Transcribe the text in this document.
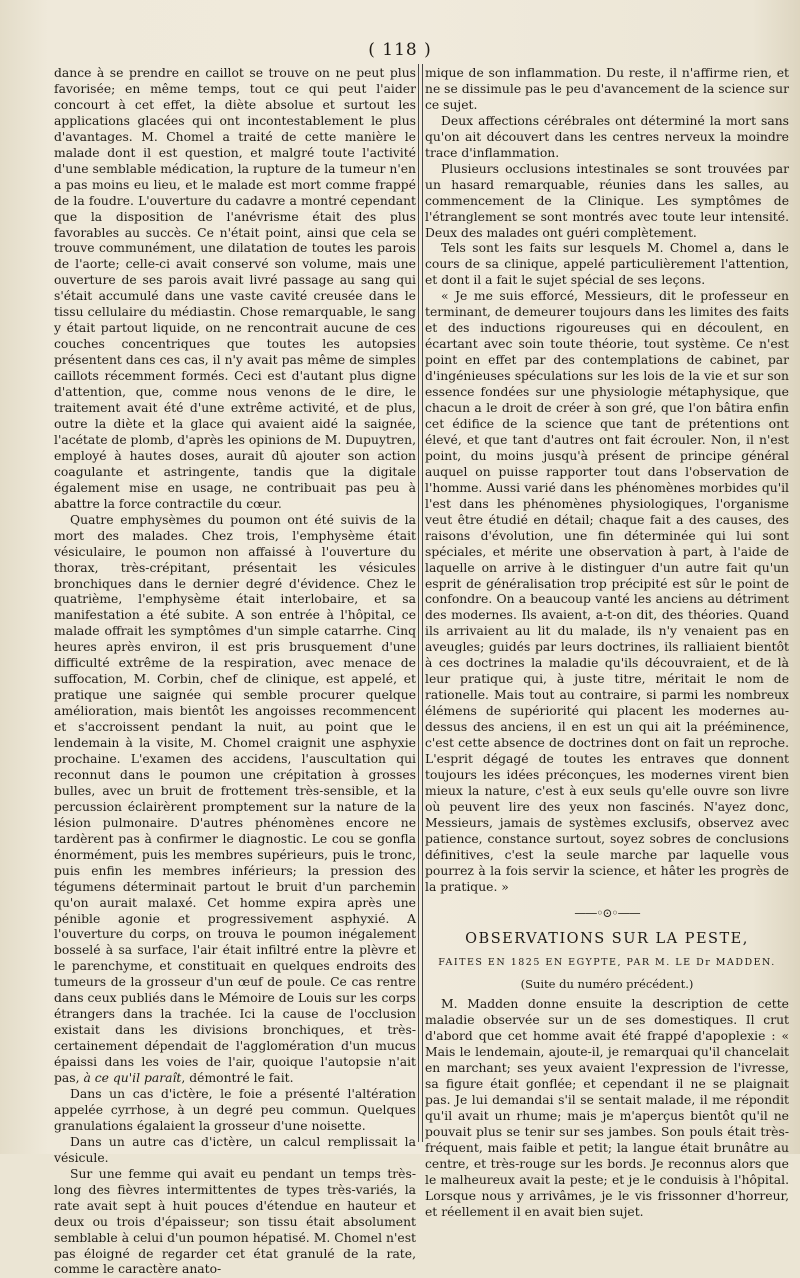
( 118 )

dance à se prendre en caillot se trouve on ne peut plus favorisée; en même temps, tout ce qui peut l'aider concourt à cet effet, la diète absolue et surtout les applications glacées qui ont incontestablement le plus d'avantages. M. Chomel a traité de cette manière le malade dont il est question, et malgré toute l'activité d'une semblable médication, la rupture de la tumeur n'en a pas moins eu lieu, et le malade est mort comme frappé de la foudre. L'ouverture du cadavre a montré cependant que la disposition de l'anévrisme était des plus favorables au succès. Ce n'était point, ainsi que cela se trouve communément, une dilatation de toutes les parois de l'aorte; celle-ci avait conservé son volume, mais une ouverture de ses parois avait livré passage au sang qui s'était accumulé dans une vaste cavité creusée dans le tissu cellulaire du médiastin. Chose remarquable, le sang y était partout liquide, on ne rencontrait aucune de ces couches concentriques que toutes les autopsies présentent dans ces cas, il n'y avait pas même de simples caillots récemment formés. Ceci est d'autant plus digne d'attention, que, comme nous venons de le dire, le traitement avait été d'une extrême activité, et de plus, outre la diète et la glace qui avaient aidé la saignée, l'acétate de plomb, d'après les opinions de M. Dupuytren, employé à hautes doses, aurait dû ajouter son action coagulante et astringente, tandis que la digitale également mise en usage, ne contribuait pas peu à abattre la force contractile du cœur.

Quatre emphysèmes du poumon ont été suivis de la mort des malades. Chez trois, l'emphysème était vésiculaire, le poumon non affaissé à l'ouverture du thorax, très-crépitant, présentait les vésicules bronchiques dans le dernier degré d'évidence. Chez le quatrième, l'emphysème était interlobaire, et sa manifestation a été subite. A son entrée à l'hôpital, ce malade offrait les symptômes d'un simple catarrhe. Cinq heures après environ, il est pris brusquement d'une difficulté extrême de la respiration, avec menace de suffocation, M. Corbin, chef de clinique, est appelé, et pratique une saignée qui semble procurer quelque amélioration, mais bientôt les angoisses recommencent et s'accroissent pendant la nuit, au point que le lendemain à la visite, M. Chomel craignit une asphyxie prochaine. L'examen des accidens, l'auscultation qui reconnut dans le poumon une crépitation à grosses bulles, avec un bruit de frottement très-sensible, et la percussion éclairèrent promptement sur la nature de la lésion pulmonaire. D'autres phénomènes encore ne tardèrent pas à confirmer le diagnostic. Le cou se gonfla énormément, puis les membres supérieurs, puis le tronc, puis enfin les membres inférieurs; la pression des tégumens déterminait partout le bruit d'un parchemin qu'on aurait malaxé. Cet homme expira après une pénible agonie et progressivement asphyxié. A l'ouverture du corps, on trouva le poumon inégalement bosselé à sa surface, l'air était infiltré entre la plèvre et le parenchyme, et constituait en quelques endroits des tumeurs de la grosseur d'un œuf de poule. Ce cas rentre dans ceux publiés dans le Mémoire de Louis sur les corps étrangers dans la trachée. Ici la cause de l'occlusion existait dans les divisions bronchiques, et très-certainement dépendait de l'agglomération d'un mucus épaissi dans les voies de l'air, quoique l'autopsie n'ait pas, à ce qu'il paraît, démontré le fait.

Dans un cas d'ictère, le foie a présenté l'altération appelée cyrrhose, à un degré peu commun. Quelques granulations égalaient la grosseur d'une noisette.

Dans un autre cas d'ictère, un calcul remplissait la vésicule.

Sur une femme qui avait eu pendant un temps très-long des fièvres intermittentes de types très-variés, la rate avait sept à huit pouces d'étendue en hauteur et deux ou trois d'épaisseur; son tissu était absolument semblable à celui d'un poumon hépatisé. M. Chomel n'est pas éloigné de regarder cet état granulé de la rate, comme le caractère anato-

mique de son inflammation. Du reste, il n'affirme rien, et ne se dissimule pas le peu d'avancement de la science sur ce sujet.

Deux affections cérébrales ont déterminé la mort sans qu'on ait découvert dans les centres nerveux la moindre trace d'inflammation.

Plusieurs occlusions intestinales se sont trouvées par un hasard remarquable, réunies dans les salles, au commencement de la Clinique. Les symptômes de l'étranglement se sont montrés avec toute leur intensité. Deux des malades ont guéri complètement.

Tels sont les faits sur lesquels M. Chomel a, dans le cours de sa clinique, appelé particulièrement l'attention, et dont il a fait le sujet spécial de ses leçons.

« Je me suis efforcé, Messieurs, dit le professeur en terminant, de demeurer toujours dans les limites des faits et des inductions rigoureuses qui en découlent, en écartant avec soin toute théorie, tout système. Ce n'est point en effet par des contemplations de cabinet, par d'ingénieuses spéculations sur les lois de la vie et sur son essence fondées sur une physiologie métaphysique, que chacun a le droit de créer à son gré, que l'on bâtira enfin cet édifice de la science que tant de prétentions ont élevé, et que tant d'autres ont fait écrouler. Non, il n'est point, du moins jusqu'à présent de principe général auquel on puisse rapporter tout dans l'observation de l'homme. Aussi varié dans les phénomènes morbides qu'il l'est dans les phénomènes physiologiques, l'organisme veut être étudié en détail; chaque fait a des causes, des raisons d'évolution, une fin déterminée qui lui sont spéciales, et mérite une observation à part, à l'aide de laquelle on arrive à le distinguer d'un autre fait qu'un esprit de généralisation trop précipité est sûr le point de confondre. On a beaucoup vanté les anciens au détriment des modernes. Ils avaient, a-t-on dit, des théories. Quand ils arrivaient au lit du malade, ils n'y venaient pas en aveugles; guidés par leurs doctrines, ils ralliaient bientôt à ces doctrines la maladie qu'ils découvraient, et de là leur pratique qui, à juste titre, méritait le nom de rationelle. Mais tout au contraire, si parmi les nombreux élémens de supériorité qui placent les modernes au-dessus des anciens, il en est un qui ait la prééminence, c'est cette absence de doctrines dont on fait un reproche. L'esprit dégagé de toutes les entraves que donnent toujours les idées préconçues, les modernes virent bien mieux la nature, c'est à eux seuls qu'elle ouvre son livre où peuvent lire des yeux non fascinés. N'ayez donc, Messieurs, jamais de systèmes exclusifs, observez avec patience, constance surtout, soyez sobres de conclusions définitives, c'est la seule marche par laquelle vous pourrez à la fois servir la science, et hâter les progrès de la pratique. »

——◦⊙◦——
OBSERVATIONS SUR LA PESTE,
FAITES EN 1825 EN EGYPTE, PAR M. LE Dr MADDEN.
(Suite du numéro précédent.)

M. Madden donne ensuite la description de cette maladie observée sur un de ses domestiques. Il crut d'abord que cet homme avait été frappé d'apoplexie : « Mais le lendemain, ajoute-il, je remarquai qu'il chancelait en marchant; ses yeux avaient l'expression de l'ivresse, sa figure était gonflée; et cependant il ne se plaignait pas. Je lui demandai s'il se sentait malade, il me répondit qu'il avait un rhume; mais je m'aperçus bientôt qu'il ne pouvait plus se tenir sur ses jambes. Son pouls était très-fréquent, mais faible et petit; la langue était brunâtre au centre, et très-rouge sur les bords. Je reconnus alors que le malheureux avait la peste; et je le conduisis à l'hôpital. Lorsque nous y arrivâmes, je le vis frissonner d'horreur, et réellement il en avait bien sujet.
